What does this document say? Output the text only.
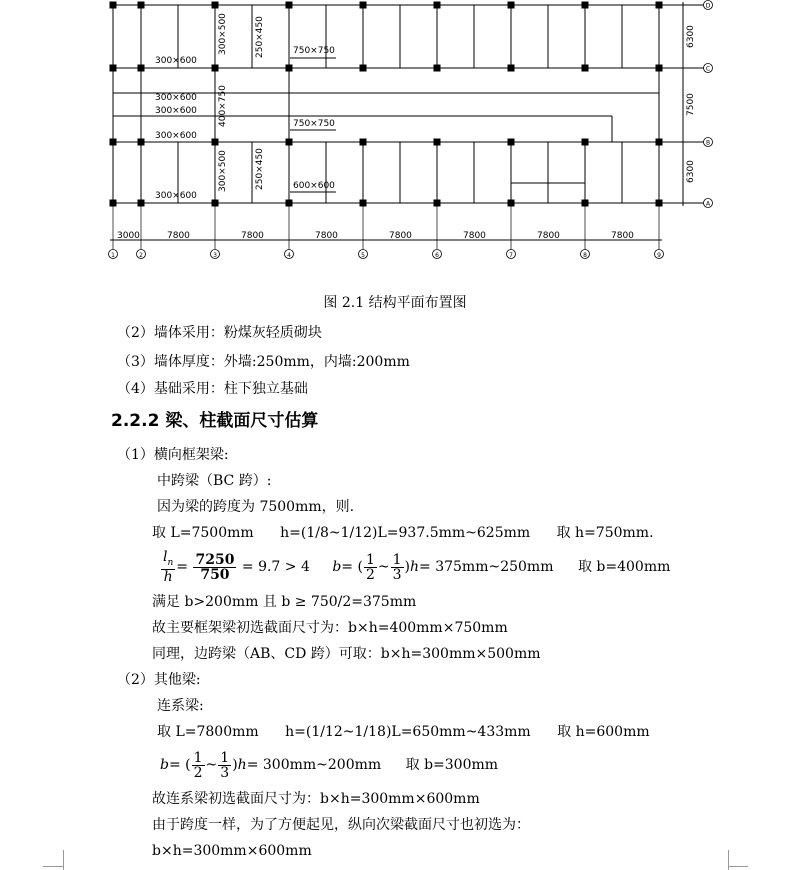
1	2	3	4	5	6	7	8	9
D
C
B
A
300×600
300×600
300×600
300×600
300×600
750×750
750×750
600×600
300×500	250×450
400×750
300×500	250×450
6300
7500
6300
3000	7800	7800	7800	7800	7800	7800	7800
图 2.1 结构平面布置图
（2）墙体采用：粉煤灰轻质砌块
（3）墙体厚度：外墙:250mm，内墙:200mm
（4）基础采用：柱下独立基础
2.2.2 梁、柱截面尺寸估算
（1）横向框架梁:
中跨梁（BC 跨）:
因为梁的跨度为 7500mm，则.
取 L=7500mm h=(1/8~1/12)L=937.5mm~625mm 取 h=750mm.
$\frac{l_n}{h} = \frac{7250}{750} = 9.7 > 4$ b= ( $\frac{1}{2}$ ~ $\frac{1}{3} )h=$ 375mm~250mm 取 b=400mm
满足 b>200mm 且 b ≥ 750/2=375mm
故主要框架梁初选截面尺寸为：b×h=400mm×750mm
同理，边跨梁（AB、CD 跨）可取：b×h=300mm×500mm
（2）其他梁:
连系梁:
取 L=7800mm h=(1/12~1/18)L=650mm~433mm 取 h=600mm
b= ( $\frac{1}{2}$ ~ $\frac{1}{3} )h=$ 300mm~200mm 取 b=300mm
故连系梁初选截面尺寸为：b×h=300mm×600mm
由于跨度一样，为了方便起见，纵向次梁截面尺寸也初选为：
b×h=300mm×600mm
